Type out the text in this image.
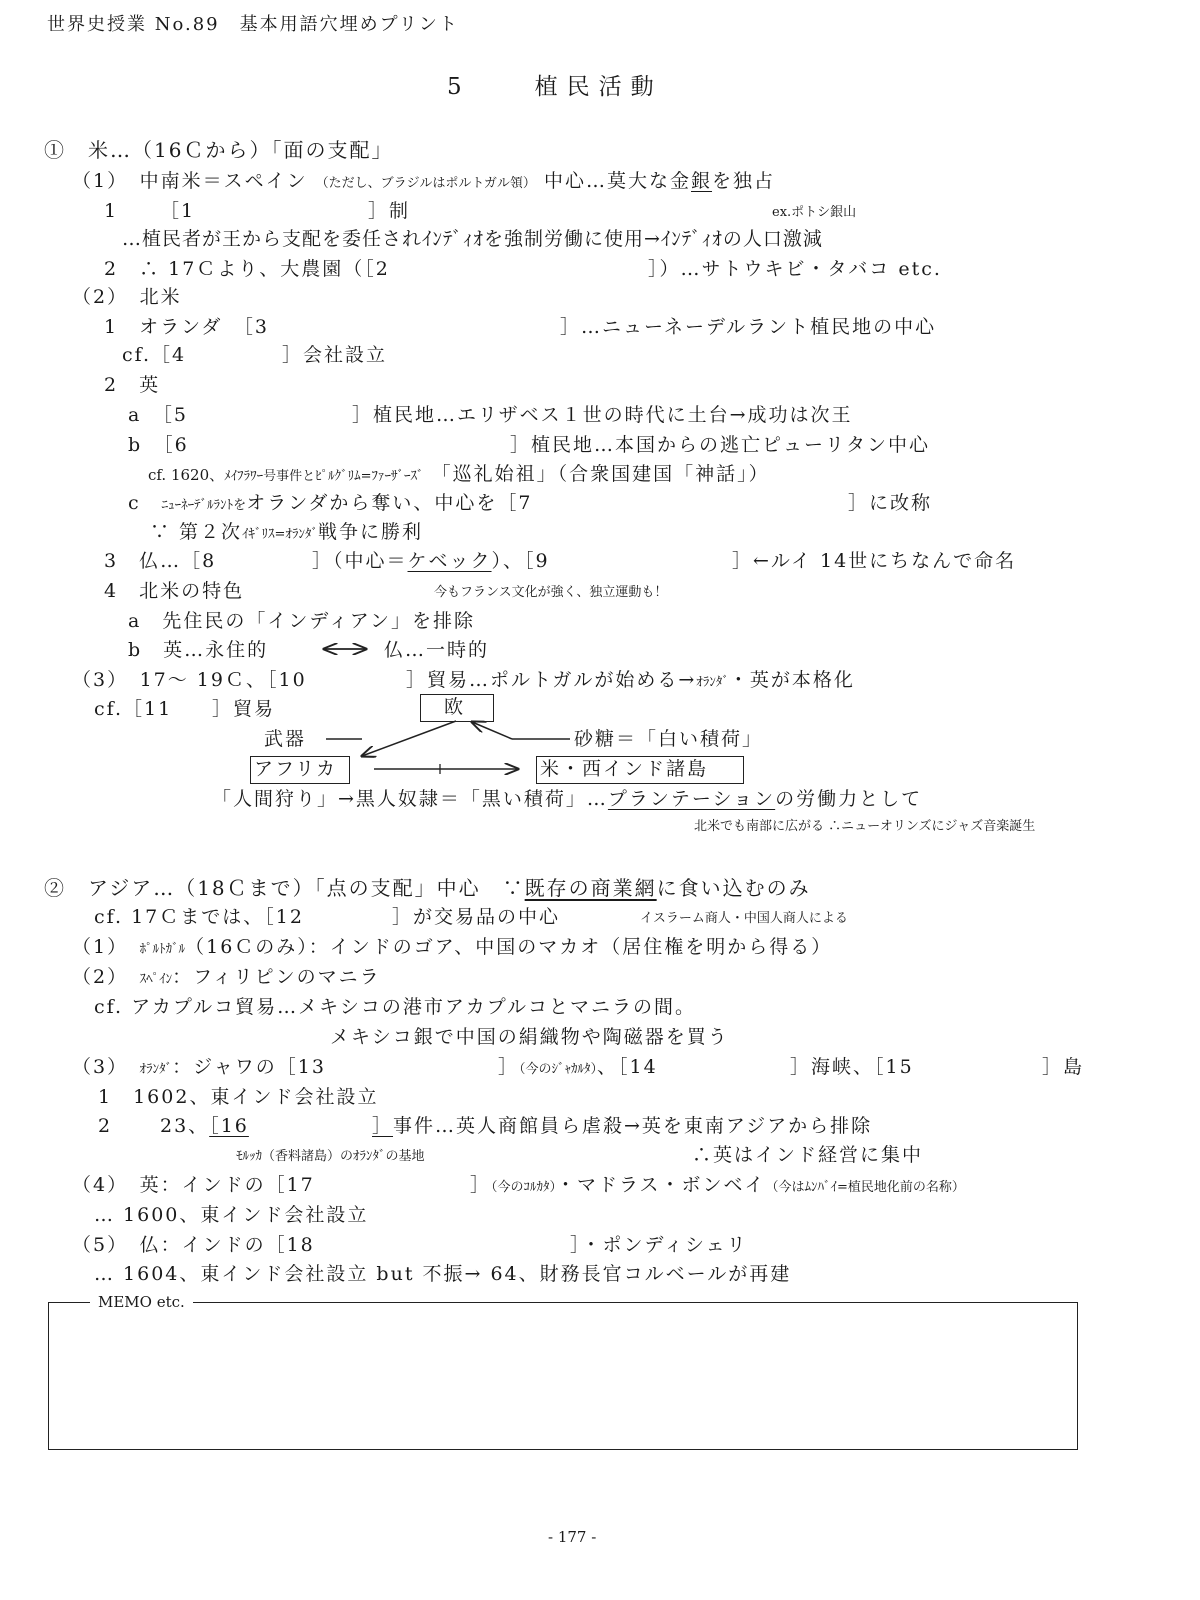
世界史授業 No.89　基本用語穴埋めプリント
5　　植民活動
①　米…（16Ｃから）「面の支配」
（1）　中南米＝スペイン （ただし、ブラジルはポルトガル領） 中心…莫大な金銀を独占
1 ［1	］制	ex.ポトシ銀山
…植民者が王から支配を委任されｲﾝﾃﾞｨｵを強制労働に使用→ｲﾝﾃﾞｨｵの人口激減
2　∴ 17Ｃより、大農園（［2	］）…サトウキビ・タバコ etc.
（2）　北米
1　オランダ　［3	］…ニューネーデルラント植民地の中心
cf.［4	］会社設立
2　英
a　［5	］植民地…エリザベス１世の時代に土台→成功は次王
b　［6	］植民地…本国からの逃亡ピューリタン中心
cf. 1620、ﾒｲﾌﾗﾜｰ号事件とﾋﾟﾙｸﾞﾘﾑ=ﾌｧｰｻﾞｰｽﾞ 「巡礼始祖」（合衆国建国「神話」）
c　 ﾆｭｰﾈｰﾃﾞﾙﾗﾝﾄをオランダから奪い、中心を［7	］に改称
∵ 第２次ｲｷﾞﾘｽ=ｵﾗﾝﾀﾞ戦争に勝利
3　仏…［8	］（中心＝ケベック）、［9	］←ルイ 14世にちなんで命名
4　北米の特色	今もフランス文化が強く、独立運動も！
a　先住民の「インディアン」を排除
b　英…永住的	仏…一時的
（3）　17～ 19Ｃ、［10	］貿易…ポルトガルが始める→ｵﾗﾝﾀﾞ・英が本格化
cf.［11 ］貿易	欧
武器	砂糖＝「白い積荷」
アフリカ	米・西インド諸島
「人間狩り」→黒人奴隷＝「黒い積荷」…プランテーションの労働力として
北米でも南部に広がる ∴ニューオリンズにジャズ音楽誕生
②　アジア…（18Ｃまで）「点の支配」中心　∵既存の商業網に食い込むのみ
cf. 17Ｃまでは、［12	］が交易品の中心	イスラーム商人・中国人商人による
（1）　 ﾎﾟﾙﾄｶﾞﾙ（16Ｃのみ）：インドのゴア、中国のマカオ（居住権を明から得る）
（2）　 ｽﾍﾟｲﾝ：フィリピンのマニラ
cf. アカプルコ貿易…メキシコの港市アカプルコとマニラの間。
メキシコ銀で中国の絹織物や陶磁器を買う
（3）　 ｵﾗﾝﾀﾞ：ジャワの［13	］（今のｼﾞｬｶﾙﾀ）、［14	］海峡、［15	］島
1　1602、東インド会社設立
2	23、［16	］事件…英人商館員ら虐殺→英を東南アジアから排除
ﾓﾙｯｶ（香料諸島）のｵﾗﾝﾀﾞの基地	∴英はインド経営に集中
（4）　英：インドの［17	］（今のｺﾙｶﾀ）・マドラス・ボンベイ（今はﾑﾝﾊﾞｲ=植民地化前の名称）
… 1600、東インド会社設立
（5）　仏：インドの［18	］・ポンディシェリ
… 1604、東インド会社設立 but 不振→ 64、財務長官コルベールが再建
MEMO etc.
- 177 -
